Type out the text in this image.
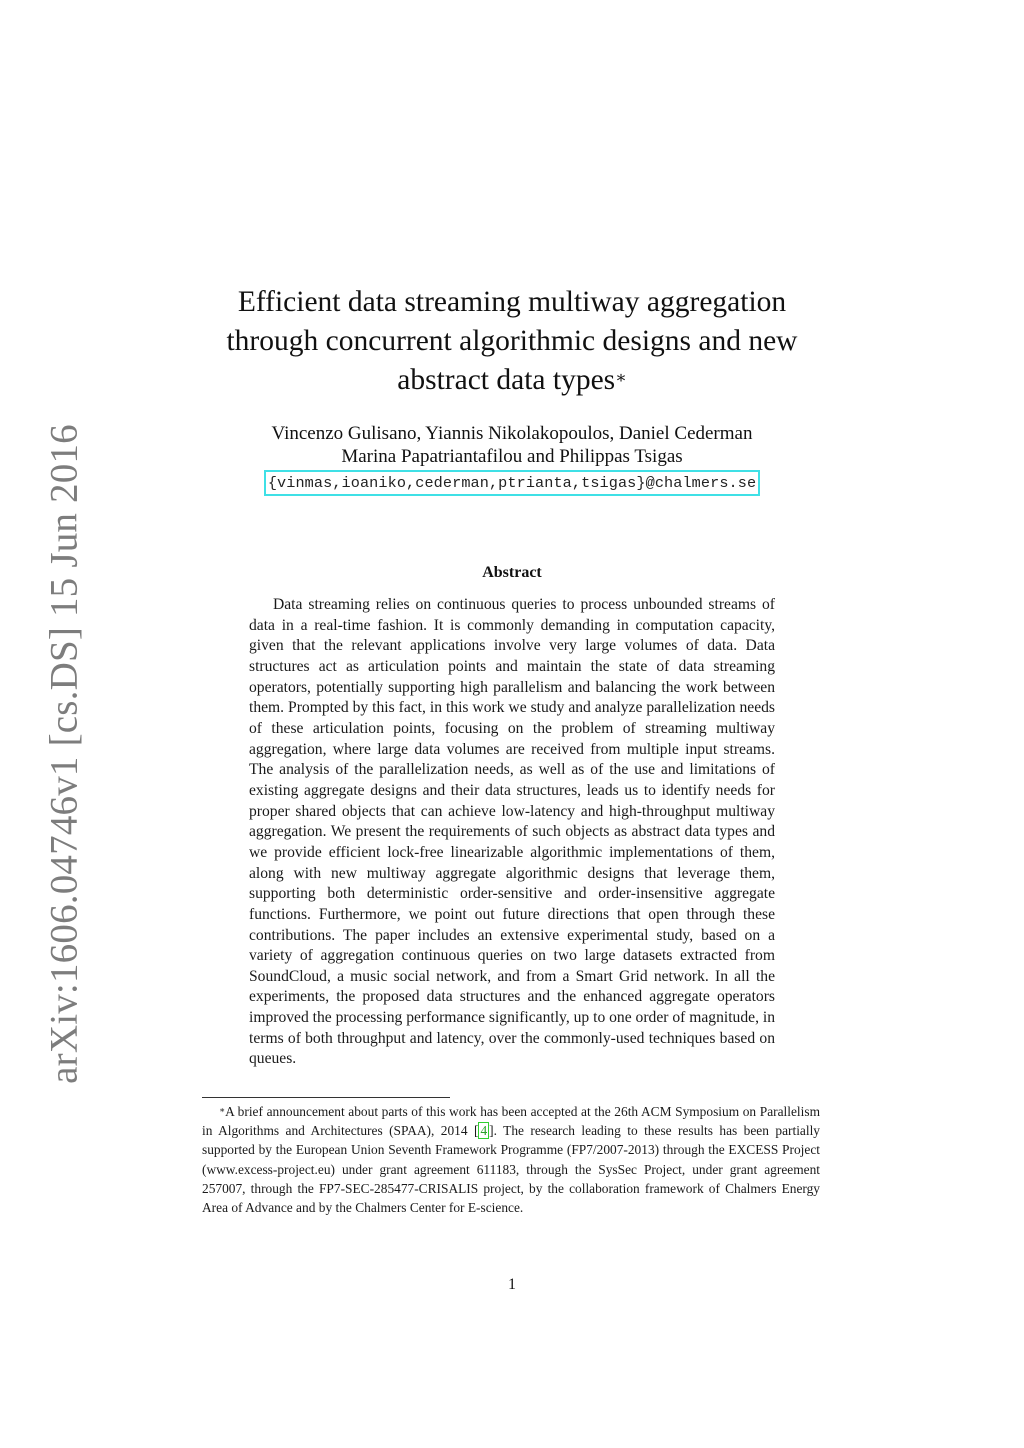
arXiv:1606.04746v1 [cs.DS] 15 Jun 2016
Efficient data streaming multiway aggregation
through concurrent algorithmic designs and new
abstract data types∗
Vincenzo Gulisano, Yiannis Nikolakopoulos, Daniel Cederman
Marina Papatriantafilou and Philippas Tsigas
{vinmas,ioaniko,cederman,ptrianta,tsigas}@chalmers.se
Abstract

Data streaming relies on continuous queries to process unbounded streams of data in a real-time fashion. It is commonly demanding in computation capacity, given that the relevant applications involve very large volumes of data. Data structures act as articulation points and maintain the state of data streaming operators, potentially supporting high parallelism and balancing the work between them. Prompted by this fact, in this work we study and analyze parallelization needs of these articulation points, focusing on the problem of streaming multiway aggregation, where large data volumes are received from multiple input streams. The analysis of the parallelization needs, as well as of the use and limitations of existing aggregate designs and their data structures, leads us to identify needs for proper shared objects that can achieve low-latency and high-throughput multiway aggregation. We present the requirements of such objects as abstract data types and we provide efficient lock-free linearizable algorithmic implementations of them, along with new multiway aggregate algorithmic designs that leverage them, supporting both deterministic order-sensitive and order-insensitive aggregate functions. Furthermore, we point out future directions that open through these contributions. The paper includes an extensive experimental study, based on a variety of aggregation continuous queries on two large datasets extracted from SoundCloud, a music social network, and from a Smart Grid network. In all the experiments, the proposed data structures and the enhanced aggregate operators improved the processing performance significantly, up to one order of magnitude, in terms of both throughput and latency, over the commonly-used techniques based on queues.

∗A brief announcement about parts of this work has been accepted at the 26th ACM Symposium on Parallelism in Algorithms and Architectures (SPAA), 2014 [ 4 ]. The research leading to these results has been partially supported by the European Union Seventh Framework Programme (FP7/2007-2013) through the EXCESS Project (www.excess-project.eu) under grant agreement 611183, through the SysSec Project, under grant agreement 257007, through the FP7-SEC-285477-CRISALIS project, by the collaboration framework of Chalmers Energy Area of Advance and by the Chalmers Center for E-science.

1
